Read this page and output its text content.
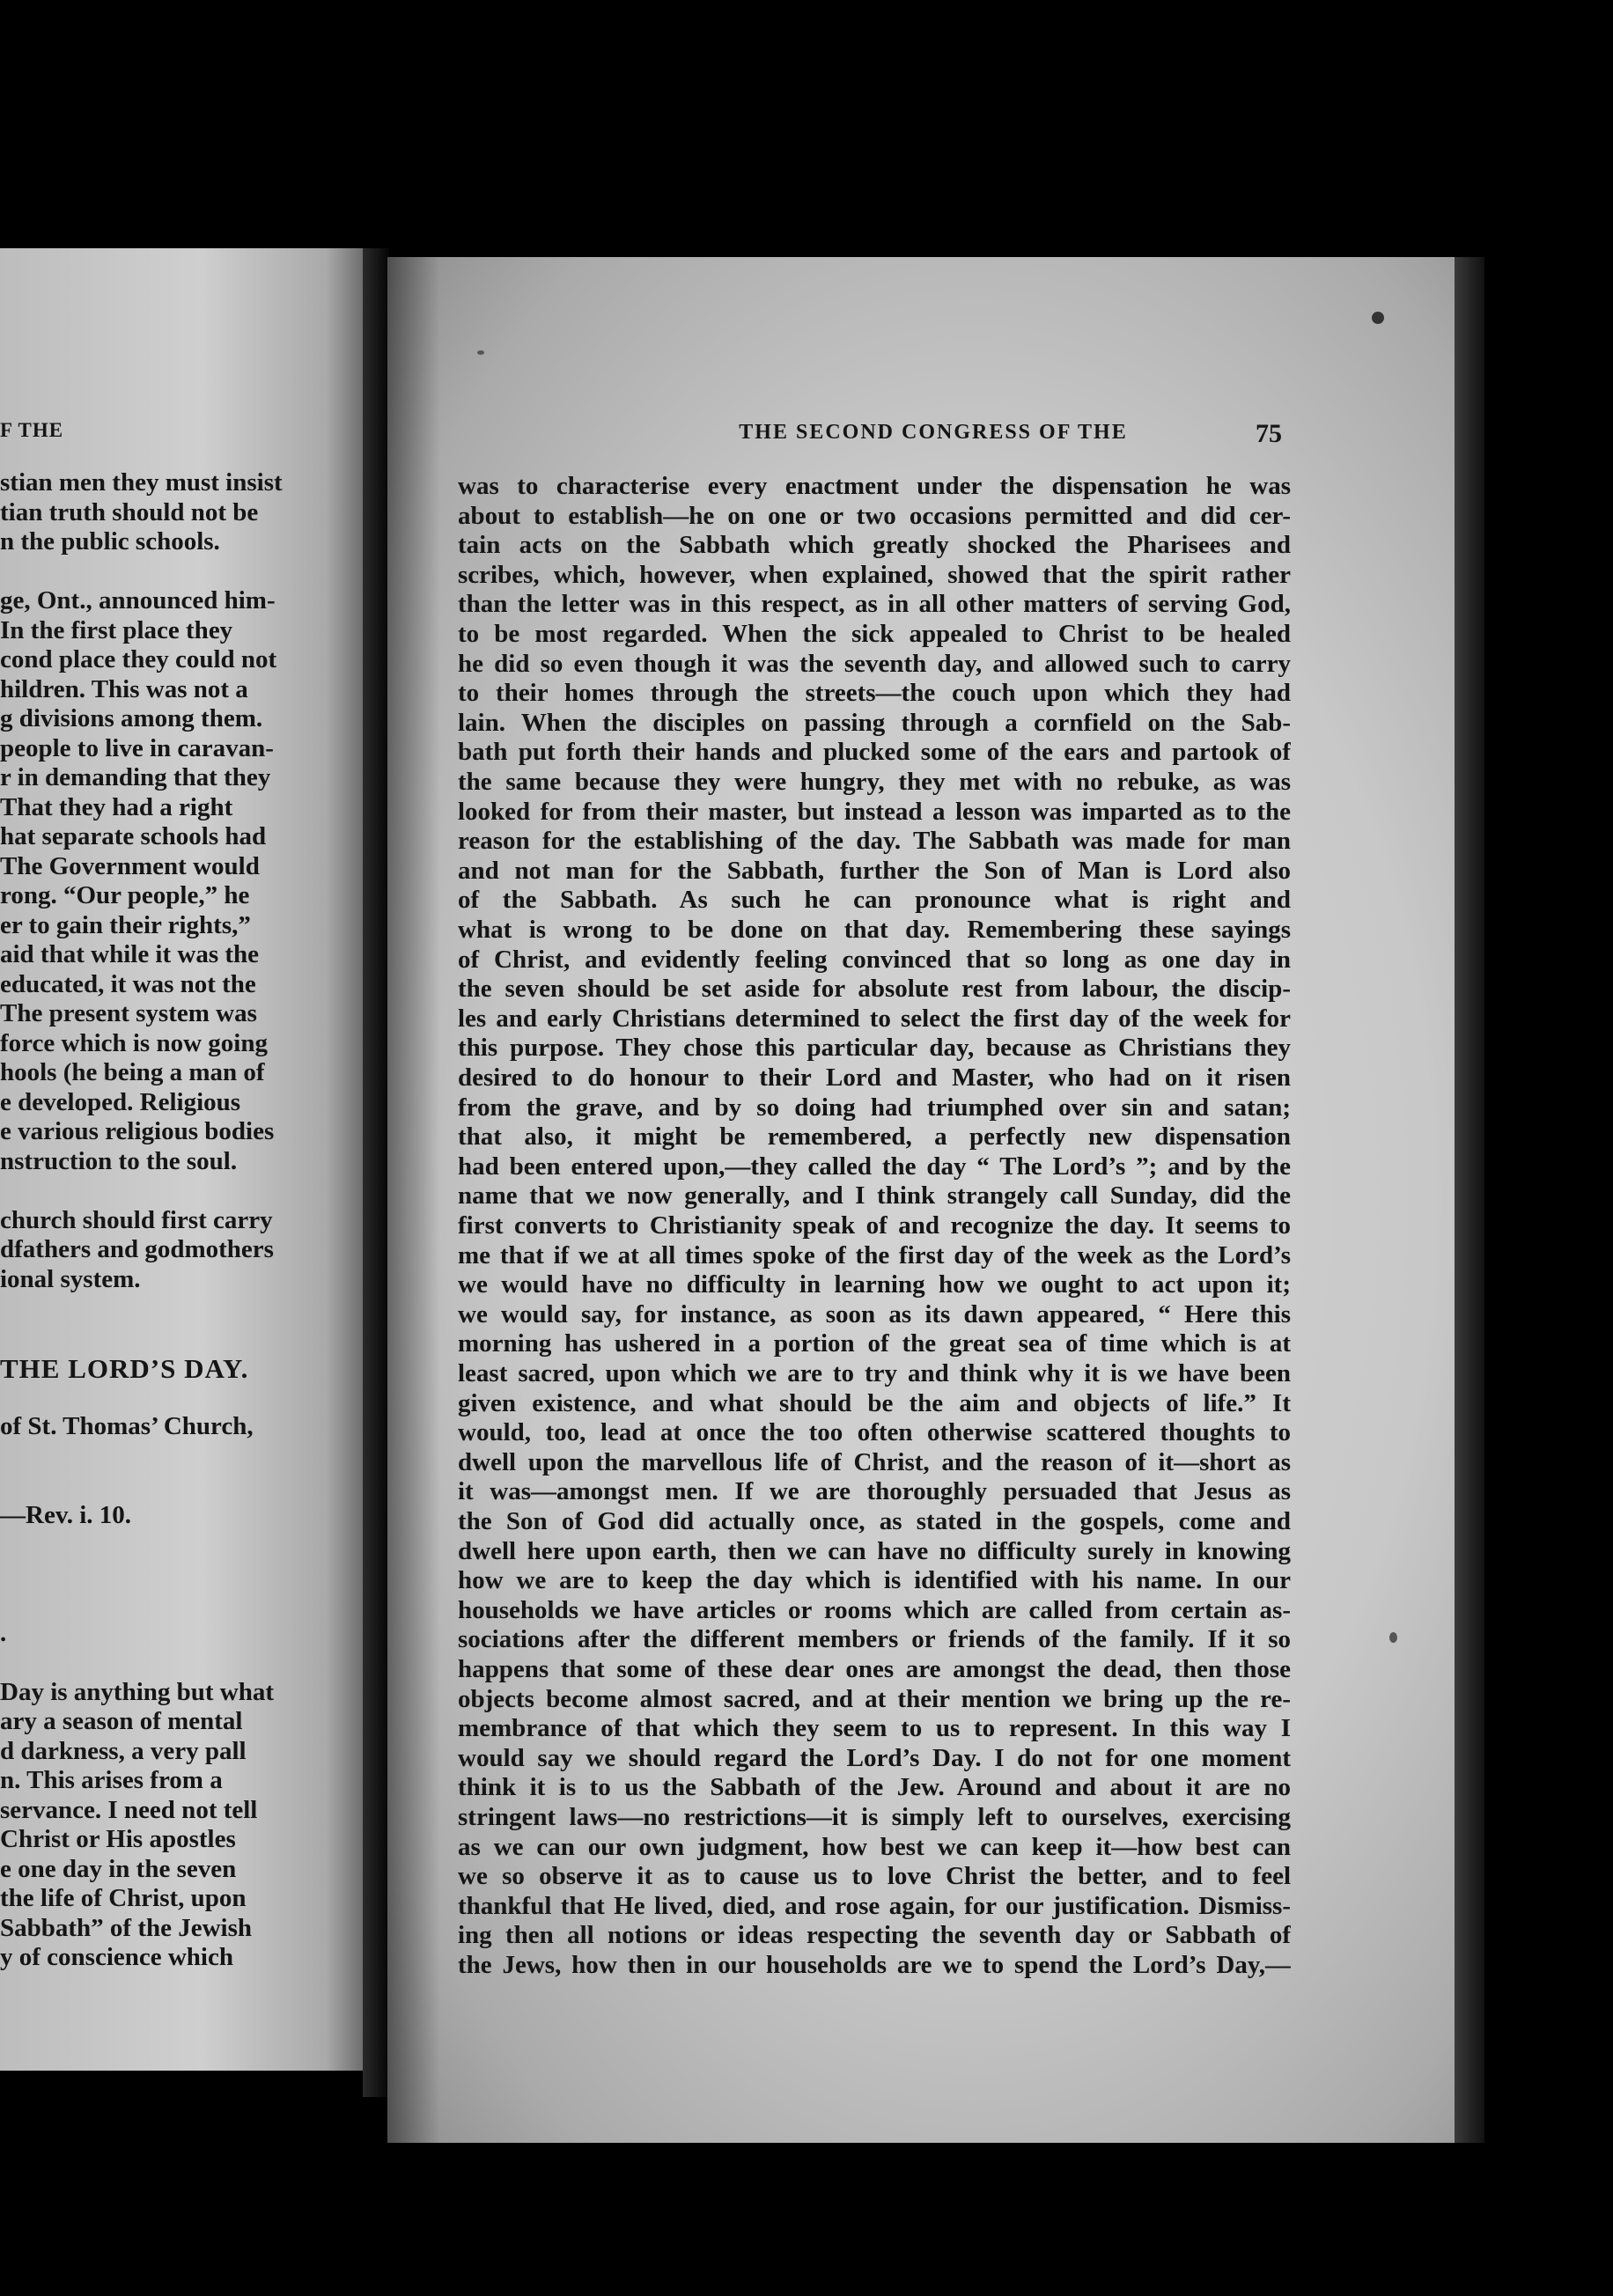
F THE
stian men they must insist
tian truth should not be
n the public schools.
ge, Ont., announced him-
In the first place they
cond place they could not
hildren. This was not a
g divisions among them.
people to live in caravan-
r in demanding that they
That they had a right
hat separate schools had
The Government would
rong. “Our people,” he
er to gain their rights,”
aid that while it was the
educated, it was not the
The present system was
force which is now going
hools (he being a man of
e developed. Religious
e various religious bodies
nstruction to the soul.
church should first carry
dfathers and godmothers
ional system.
THE LORD’S DAY.
of St. Thomas’ Church,
—Rev. i. 10.
.
Day is anything but what
ary a season of mental
d darkness, a very pall
n. This arises from a
servance. I need not tell
Christ or His apostles
e one day in the seven
the life of Christ, upon
Sabbath” of the Jewish
y of conscience which
THE SECOND CONGRESS OF THE	75
was to characterise every enactment under the dispensation he was
about to establish—he on one or two occasions permitted and did cer-
tain acts on the Sabbath which greatly shocked the Pharisees and
scribes, which, however, when explained, showed that the spirit rather
than the letter was in this respect, as in all other matters of serving God,
to be most regarded. When the sick appealed to Christ to be healed
he did so even though it was the seventh day, and allowed such to carry
to their homes through the streets—the couch upon which they had
lain. When the disciples on passing through a cornfield on the Sab-
bath put forth their hands and plucked some of the ears and partook of
the same because they were hungry, they met with no rebuke, as was
looked for from their master, but instead a lesson was imparted as to the
reason for the establishing of the day. The Sabbath was made for man
and not man for the Sabbath, further the Son of Man is Lord also
of the Sabbath. As such he can pronounce what is right and
what is wrong to be done on that day. Remembering these sayings
of Christ, and evidently feeling convinced that so long as one day in
the seven should be set aside for absolute rest from labour, the discip-
les and early Christians determined to select the first day of the week for
this purpose. They chose this particular day, because as Christians they
desired to do honour to their Lord and Master, who had on it risen
from the grave, and by so doing had triumphed over sin and satan;
that also, it might be remembered, a perfectly new dispensation
had been entered upon,—they called the day “ The Lord’s ”; and by the
name that we now generally, and I think strangely call Sunday, did the
first converts to Christianity speak of and recognize the day. It seems to
me that if we at all times spoke of the first day of the week as the Lord’s
we would have no difficulty in learning how we ought to act upon it;
we would say, for instance, as soon as its dawn appeared, “ Here this
morning has ushered in a portion of the great sea of time which is at
least sacred, upon which we are to try and think why it is we have been
given existence, and what should be the aim and objects of life.” It
would, too, lead at once the too often otherwise scattered thoughts to
dwell upon the marvellous life of Christ, and the reason of it—short as
it was—amongst men. If we are thoroughly persuaded that Jesus as
the Son of God did actually once, as stated in the gospels, come and
dwell here upon earth, then we can have no difficulty surely in knowing
how we are to keep the day which is identified with his name. In our
households we have articles or rooms which are called from certain as-
sociations after the different members or friends of the family. If it so
happens that some of these dear ones are amongst the dead, then those
objects become almost sacred, and at their mention we bring up the re-
membrance of that which they seem to us to represent. In this way I
would say we should regard the Lord’s Day. I do not for one moment
think it is to us the Sabbath of the Jew. Around and about it are no
stringent laws—no restrictions—it is simply left to ourselves, exercising
as we can our own judgment, how best we can keep it—how best can
we so observe it as to cause us to love Christ the better, and to feel
thankful that He lived, died, and rose again, for our justification. Dismiss-
ing then all notions or ideas respecting the seventh day or Sabbath of
the Jews, how then in our households are we to spend the Lord’s Day,—
